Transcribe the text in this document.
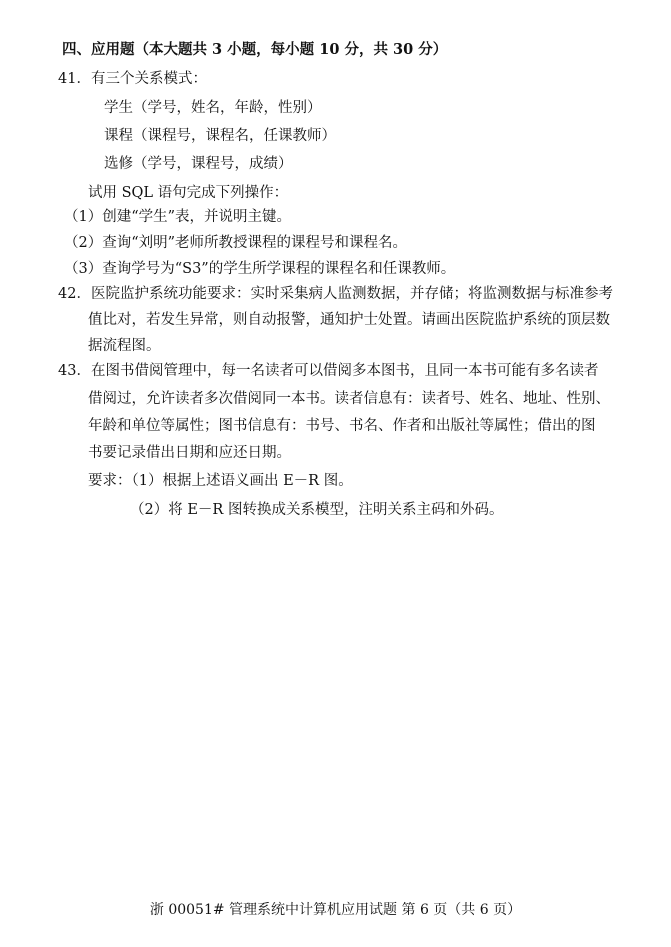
四、应用题（本大题共 3 小题，每小题 10 分，共 30 分）
41．有三个关系模式：
学生（学号，姓名，年龄，性别）
课程（课程号，课程名，任课教师）
选修（学号，课程号，成绩）
试用 SQL 语句完成下列操作：
（1）创建“学生”表，并说明主键。
（2）查询“刘明”老师所教授课程的课程号和课程名。
（3）查询学号为“S3”的学生所学课程的课程名和任课教师。
42．医院监护系统功能要求：实时采集病人监测数据，并存储；将监测数据与标准参考
值比对，若发生异常，则自动报警，通知护士处置。请画出医院监护系统的顶层数
据流程图。
43．在图书借阅管理中，每一名读者可以借阅多本图书，且同一本书可能有多名读者
借阅过，允许读者多次借阅同一本书。读者信息有：读者号、姓名、地址、性别、
年龄和单位等属性；图书信息有：书号、书名、作者和出版社等属性；借出的图
书要记录借出日期和应还日期。
要求：（1）根据上述语义画出 E－R 图。
（2）将 E－R 图转换成关系模型，注明关系主码和外码。
浙 00051# 管理系统中计算机应用试题 第 6 页（共 6 页）
